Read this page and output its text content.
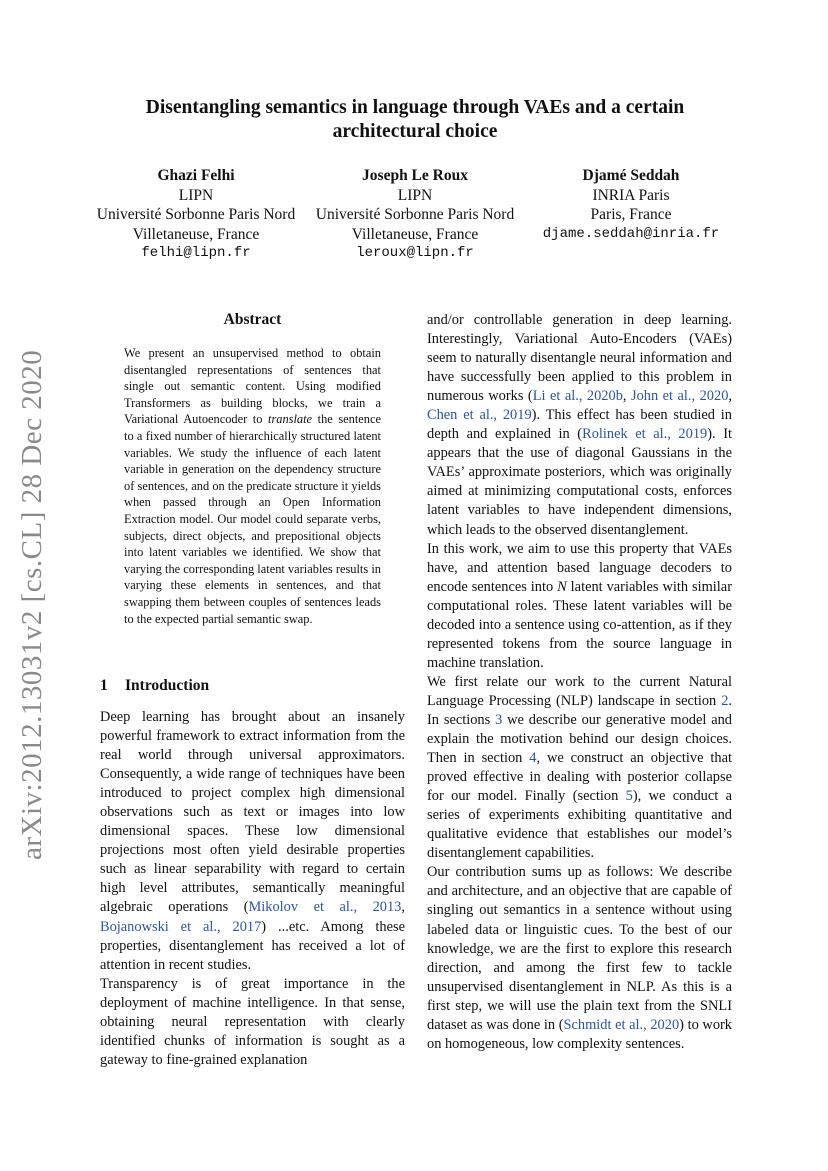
Disentangling semantics in language through VAEs and a certain architectural choice
Ghazi Felhi
LIPN
Université Sorbonne Paris Nord
Villetaneuse, France
felhi@lipn.fr
Joseph Le Roux
LIPN
Université Sorbonne Paris Nord
Villetaneuse, France
leroux@lipn.fr
Djamé Seddah
INRIA Paris
Paris, France
djame.seddah@inria.fr
arXiv:2012.13031v2 [cs.CL] 28 Dec 2020
Abstract
We present an unsupervised method to obtain disentangled representations of sentences that single out semantic content. Using modified Transformers as building blocks, we train a Variational Autoencoder to translate the sentence to a fixed number of hierarchically structured latent variables. We study the influence of each latent variable in generation on the dependency structure of sentences, and on the predicate structure it yields when passed through an Open Information Extraction model. Our model could separate verbs, subjects, direct objects, and prepositional objects into latent variables we identified. We show that varying the corresponding latent variables results in varying these elements in sentences, and that swapping them between couples of sentences leads to the expected partial semantic swap.
1 Introduction

Deep learning has brought about an insanely powerful framework to extract information from the real world through universal approximators. Consequently, a wide range of techniques have been introduced to project complex high dimensional observations such as text or images into low dimensional spaces. These low dimensional projections most often yield desirable properties such as linear separability with regard to certain high level attributes, semantically meaningful algebraic operations (Mikolov et al., 2013, Bojanowski et al., 2017) ...etc. Among these properties, disentanglement has received a lot of attention in recent studies.

Transparency is of great importance in the deployment of machine intelligence. In that sense, obtaining neural representation with clearly identified chunks of information is sought as a gateway to fine-grained explanation

and/or controllable generation in deep learning. Interestingly, Variational Auto-Encoders (VAEs) seem to naturally disentangle neural information and have successfully been applied to this problem in numerous works (Li et al., 2020b, John et al., 2020, Chen et al., 2019). This effect has been studied in depth and explained in (Rolinek et al., 2019). It appears that the use of diagonal Gaussians in the VAEs’ approximate posteriors, which was originally aimed at minimizing computational costs, enforces latent variables to have independent dimensions, which leads to the observed disentanglement.

In this work, we aim to use this property that VAEs have, and attention based language decoders to encode sentences into N latent variables with similar computational roles. These latent variables will be decoded into a sentence using co-attention, as if they represented tokens from the source language in machine translation.

We first relate our work to the current Natural Language Processing (NLP) landscape in section 2. In sections 3 we describe our generative model and explain the motivation behind our design choices. Then in section 4, we construct an objective that proved effective in dealing with posterior collapse for our model. Finally (section 5), we conduct a series of experiments exhibiting quantitative and qualitative evidence that establishes our model’s disentanglement capabilities.

Our contribution sums up as follows: We describe and architecture, and an objective that are capable of singling out semantics in a sentence without using labeled data or linguistic cues. To the best of our knowledge, we are the first to explore this research direction, and among the first few to tackle unsupervised disentanglement in NLP. As this is a first step, we will use the plain text from the SNLI dataset as was done in (Schmidt et al., 2020) to work on homogeneous, low complexity sentences.
